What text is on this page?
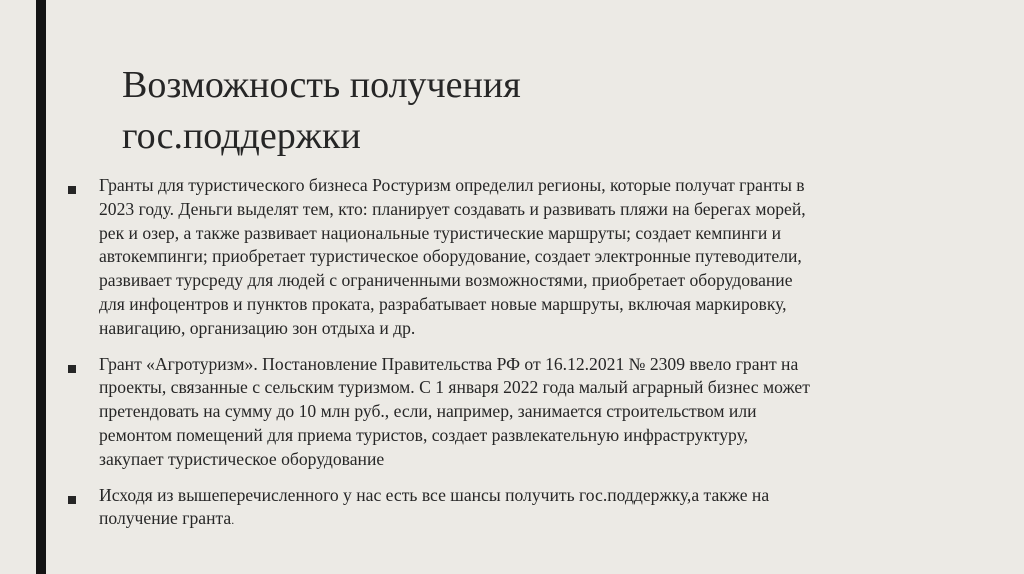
Возможность получения
гос.поддержки
Гранты для туристического бизнеса Ростуризм определил регионы, которые получат гранты в
2023 году. Деньги выделят тем, кто: планирует создавать и развивать пляжи на берегах морей,
рек и озер, а также развивает национальные туристические маршруты; создает кемпинги и
автокемпинги; приобретает туристическое оборудование, создает электронные путеводители,
развивает турсреду для людей с ограниченными возможностями, приобретает оборудование
для инфоцентров и пунктов проката, разрабатывает новые маршруты, включая маркировку,
навигацию, организацию зон отдыха и др.
Грант «Агротуризм». Постановление Правительства РФ от 16.12.2021 № 2309 ввело грант на
проекты, связанные с сельским туризмом. С 1 января 2022 года малый аграрный бизнес может
претендовать на сумму до 10 млн руб., если, например, занимается строительством или
ремонтом помещений для приема туристов, создает развлекательную инфраструктуру,
закупает туристическое оборудование
Исходя из вышеперечисленного у нас есть все шансы получить гос.поддержку,а также на
получение гранта.
